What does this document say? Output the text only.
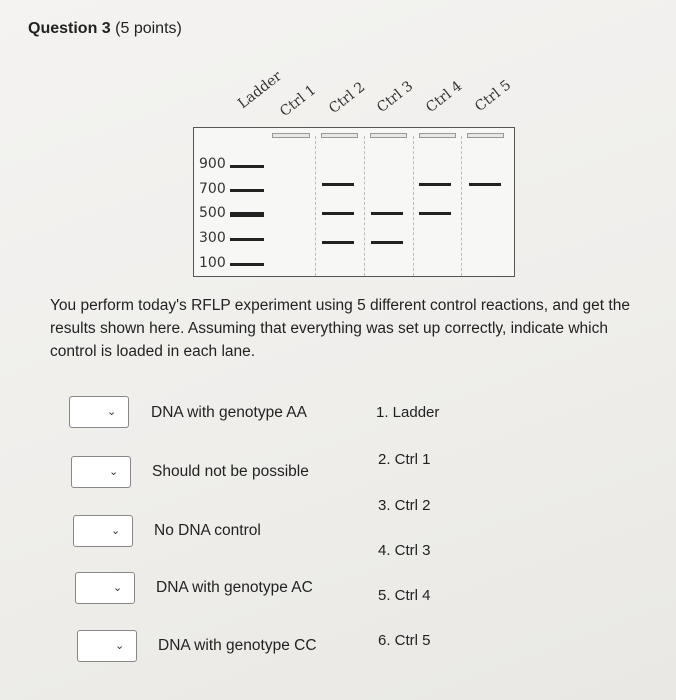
Question 3 (5 points)
Ladder
Ctrl 1 Ctrl 2 Ctrl 3 Ctrl 4 Ctrl 5
900
700
500
300
100
You perform today's RFLP experiment using 5 different control reactions, and get the results shown here. Assuming that everything was set up correctly, indicate which control is loaded in each lane.
⌄ DNA with genotype AA
⌄ Should not be possible
⌄ No DNA control
⌄ DNA with genotype AC
⌄ DNA with genotype CC
1. Ladder
2. Ctrl 1
3. Ctrl 2
4. Ctrl 3
5. Ctrl 4
6. Ctrl 5
